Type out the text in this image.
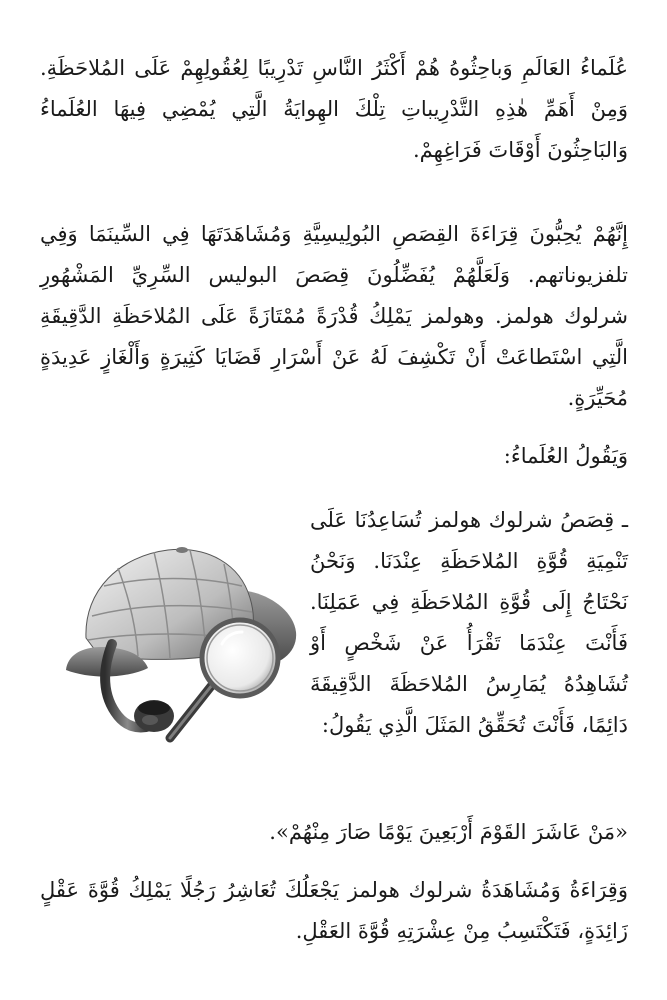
عُلَماءُ العَالَمِ وَباحِثُوهُ هُمْ أَكْثَرُ النَّاسِ تَدْرِيبًا لِعُقُولِهِمْ عَلَى المُلاحَظَةِ. وَمِنْ أَهَمِّ هٰذِهِ التَّدْرِيباتِ تِلْكَ الهِوايَةُ الَّتِي يُمْضِي فِيهَا العُلَماءُ وَالبَاحِثُونَ أَوْقَاتَ فَرَاغِهِمْ.

إِنَّهُمْ يُحِبُّونَ قِرَاءَةَ القِصَصِ البُولِيسِيَّةِ وَمُشَاهَدَتَهَا فِي السِّينَمَا وَفِي تلفزيوناتهم. وَلَعَلَّهُمْ يُفَضِّلُونَ قِصَصَ البوليس السِّرِيِّ المَشْهُورِ شرلوك هولمز. وهولمز يَمْلِكُ قُدْرَةً مُمْتَازَةً عَلَى المُلاحَظَةِ الدَّقِيقَةِ الَّتِي اسْتَطاعَتْ أَنْ تَكْشِفَ لَهُ عَنْ أَسْرَارِ قَضَايَا كَثِيرَةٍ وَأَلْغَازٍ عَدِيدَةٍ مُحَيِّرَةٍ.

وَيَقُولُ العُلَماءُ:

ـ قِصَصُ شرلوك هولمز تُسَاعِدُنَا عَلَى تَنْمِيَةِ قُوَّةِ المُلاحَظَةِ عِنْدَنَا. وَنَحْنُ نَحْتَاجُ إِلَى قُوَّةِ المُلاحَظَةِ فِي عَمَلِنَا. فَأَنْتَ عِنْدَمَا تَقْرَأُ عَنْ شَخْصٍ أَوْ تُشَاهِدُهُ يُمَارِسُ المُلاحَظَةَ الدَّقِيقَةَ دَائِمًا، فَأَنْتَ تُحَقِّقُ المَثَلَ الَّذِي يَقُولُ:

«مَنْ عَاشَرَ القَوْمَ أَرْبَعِينَ يَوْمًا صَارَ مِنْهُمْ».

وَقِرَاءَةُ وَمُشَاهَدَةُ شرلوك هولمز يَجْعَلُكَ تُعَاشِرُ رَجُلًا يَمْلِكُ قُوَّةَ عَقْلٍ زَائِدَةٍ، فَتَكْتَسِبُ مِنْ عِشْرَتِهِ قُوَّةَ العَقْلِ.
